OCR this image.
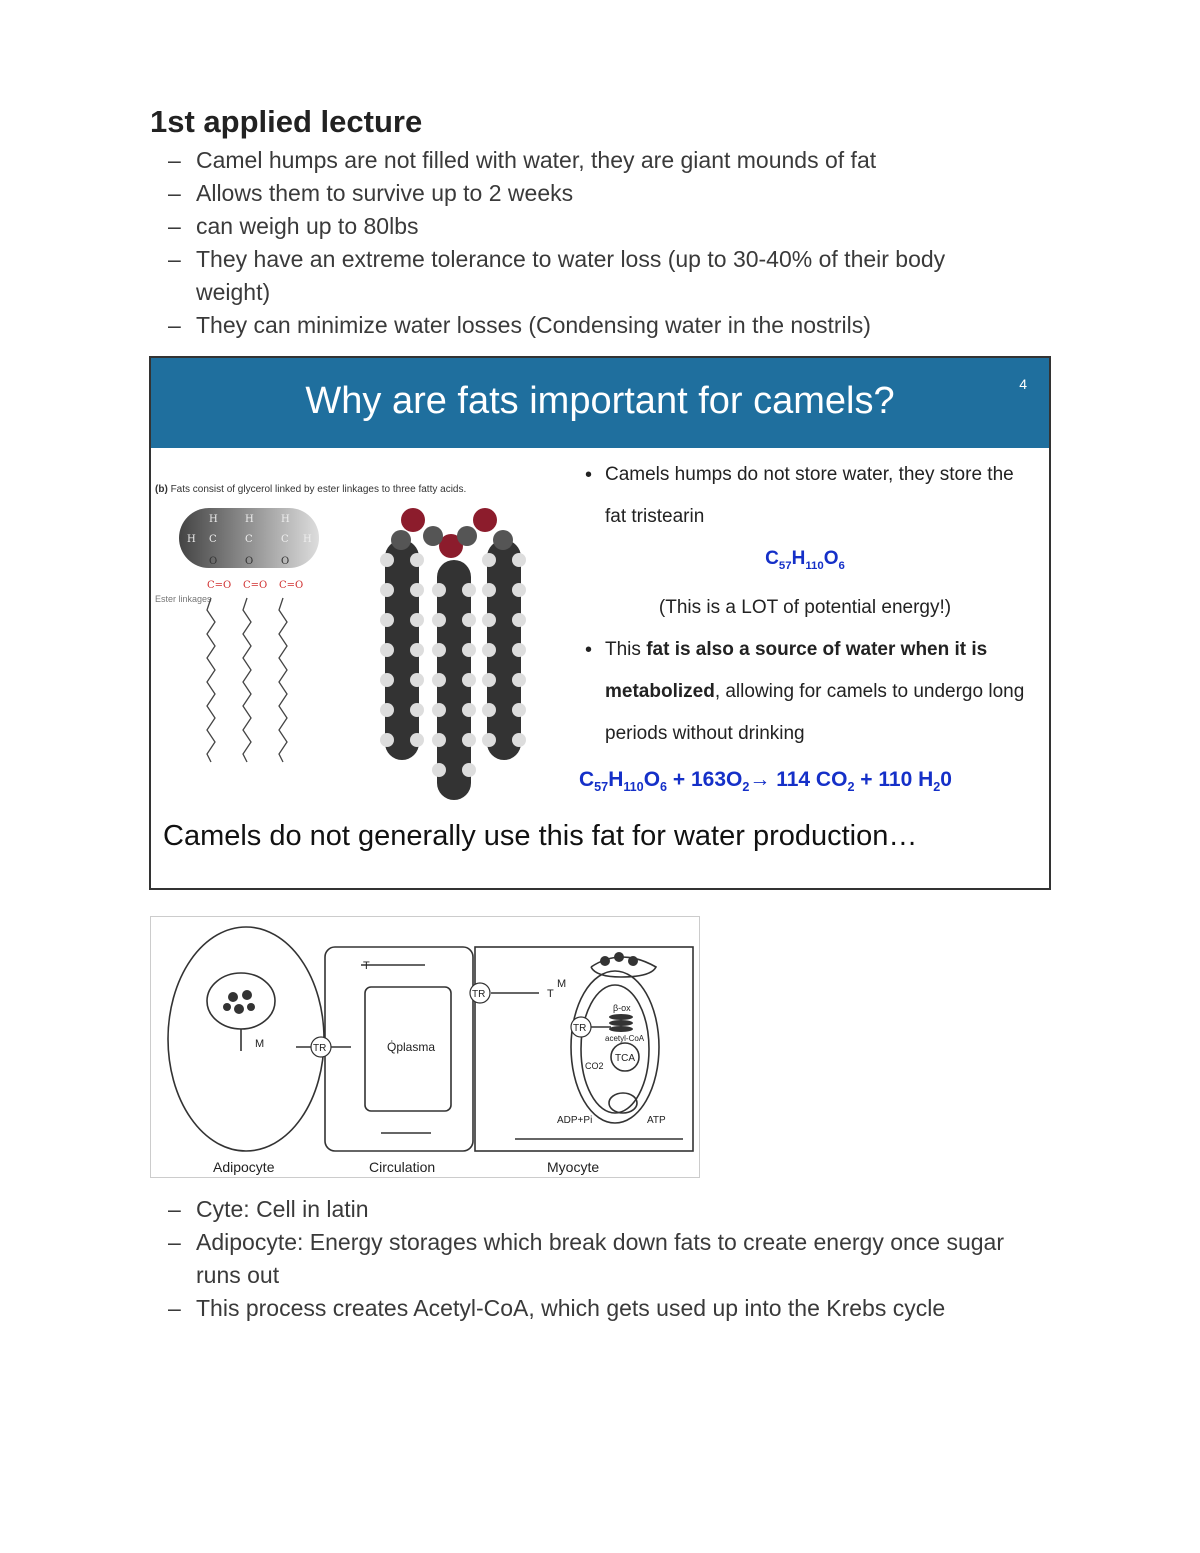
1st applied lecture
– Camel humps are not filled with water, they are giant mounds of fat
– Allows them to survive up to 2 weeks
– can weigh up to 80lbs
– They have an extreme tolerance to water loss (up to 30-40% of their body weight)
– They can minimize water losses (Condensing water in the nostrils)
Why are fats important for camels?	4
(b) Fats consist of glycerol linked by ester linkages to three fatty acids.
H	H	H
H C	C	C H
O	O	O
C=O C=O C=O
Ester linkages
• Camels humps do not store water, they store the fat tristearin
$C_{57}H_{110}O_6$
(This is a LOT of potential energy!)
• This fat is also a source of water when it is metabolized, allowing for camels to undergo long periods without drinking
$C_{57}H_{110}O_6 + 163O_2\to 114$ $CO_2 + 110$ $H_20$
Camels do not generally use this fat for water production…
TR
TR
TR
M
M
T
T
Q̇plasma
β-ox
acetyl-CoA
TCA
CO2
ADP+Pi	ATP
Adipocyte	Circulation	Myocyte
– Cyte: Cell in latin
– Adipocyte: Energy storages which break down fats to create energy once sugar runs out
– This process creates Acetyl-CoA, which gets used up into the Krebs cycle
